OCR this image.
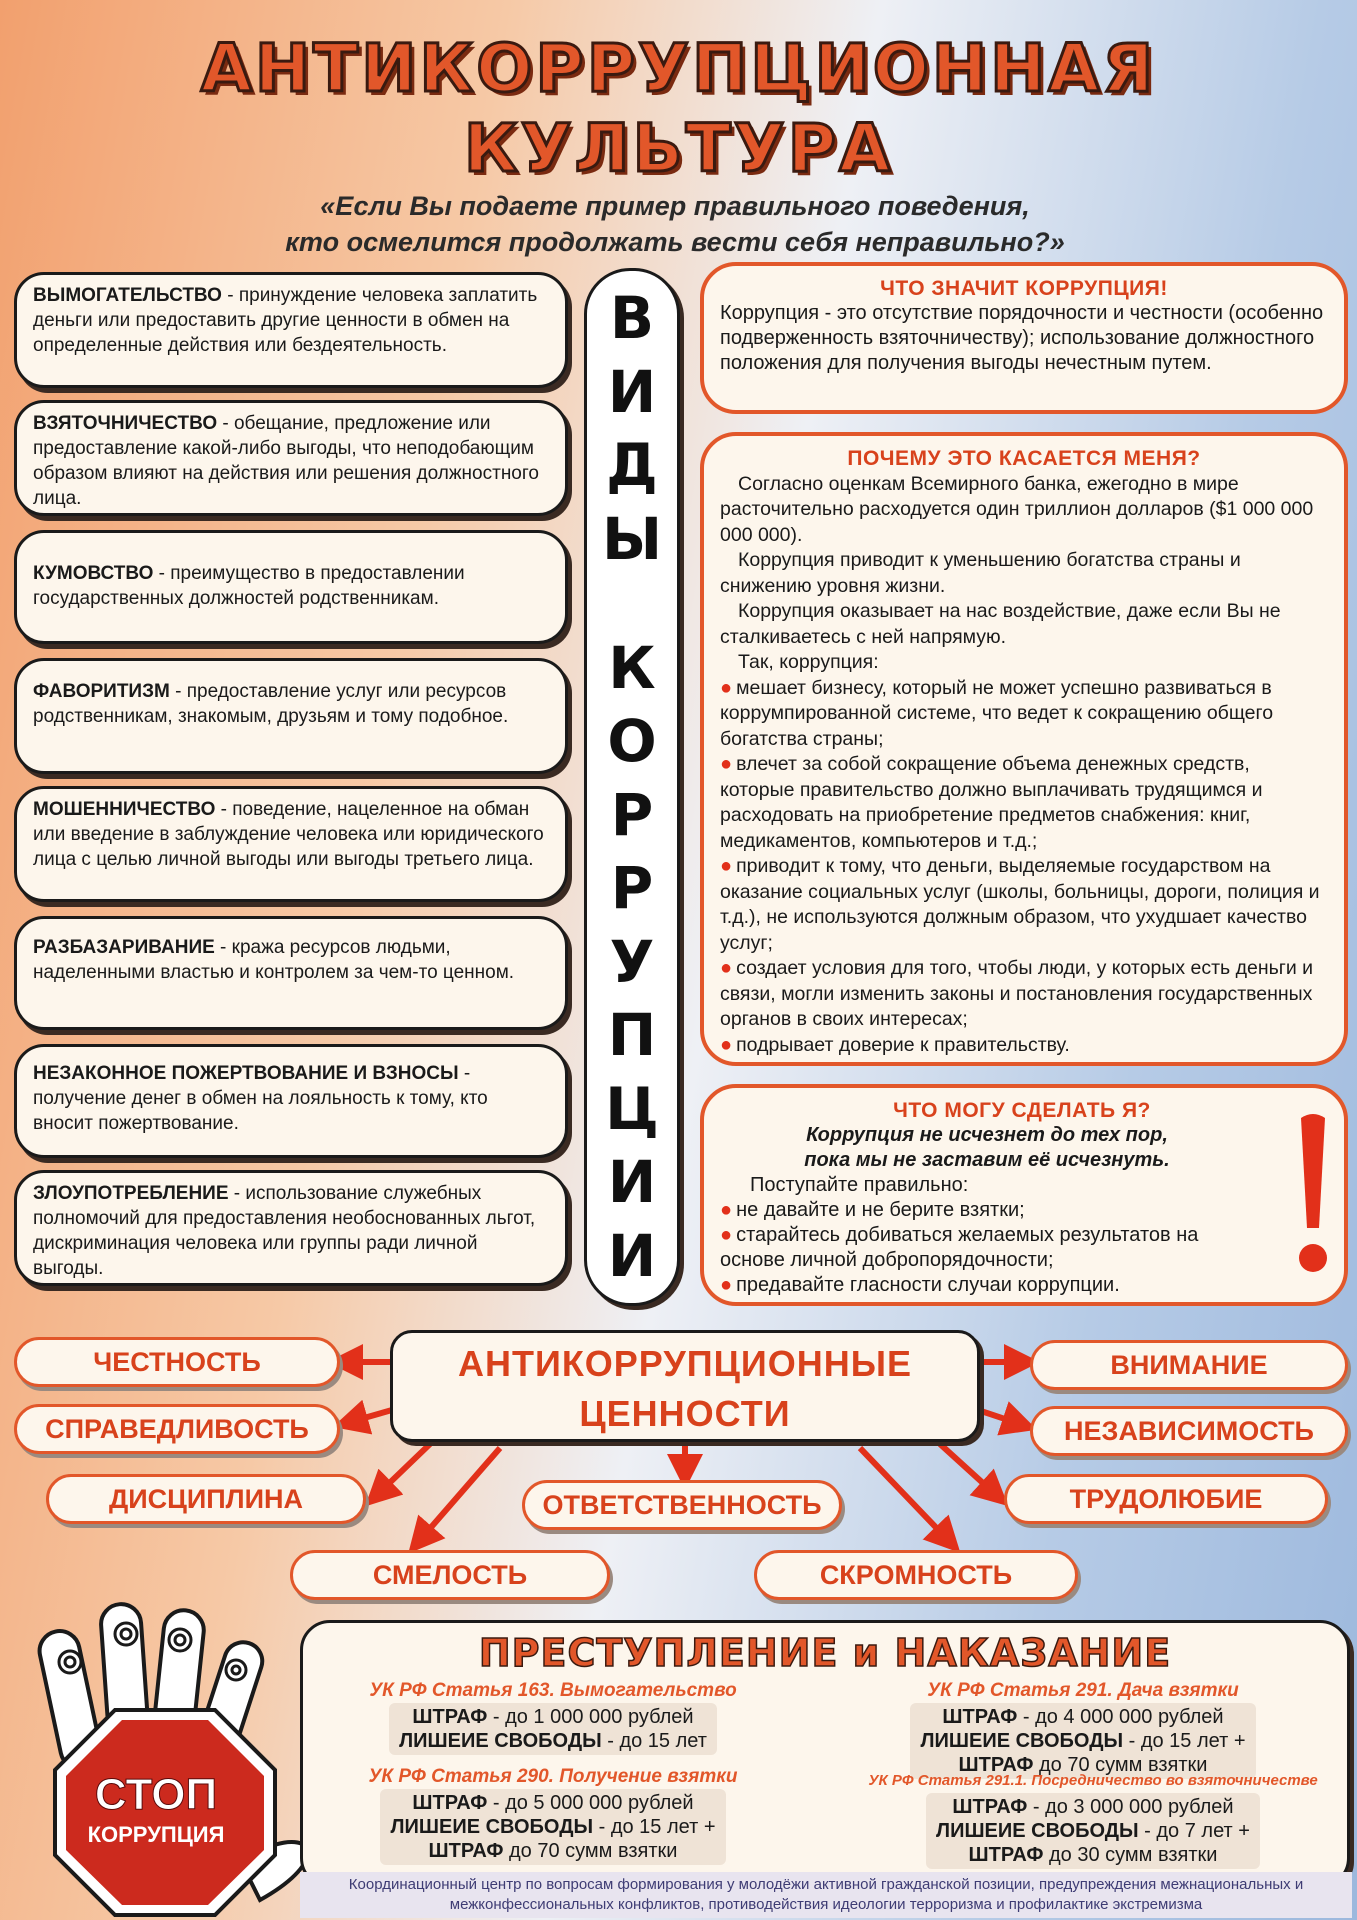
АНТИКОРРУПЦИОННАЯ
КУЛЬТУРА
«Если Вы подаете пример правильного поведения,
кто осмелится продолжать вести себя неправильно?»
ВЫМОГАТЕЛЬСТВО - принуждение человека заплатить деньги или предоставить другие ценности в обмен на определенные действия или бездеятельность.
ВЗЯТОЧНИЧЕСТВО - обещание, предложение или предоставление какой-либо выгоды, что неподобающим образом влияют на действия или решения должностного лица.
КУМОВСТВО - преимущество в предоставлении государственных должностей родственникам.
ФАВОРИТИЗМ - предоставление услуг или ресурсов родственникам, знакомым, друзьям и тому подобное.
МОШЕННИЧЕСТВО - поведение, нацеленное на обман или введение в заблуждение человека или юридического лица с целью личной выгоды или выгоды третьего лица.
РАЗБАЗАРИВАНИЕ - кража ресурсов людьми, наделенными властью и контролем за чем-то ценном.
НЕЗАКОННОЕ ПОЖЕРТВОВАНИЕ И ВЗНОСЫ - получение денег в обмен на лояльность к тому, кто вносит пожертвование.
ЗЛОУПОТРЕБЛЕНИЕ - использование служебных полномочий для предоставления необоснованных льгот, дискриминация человека или группы ради личной выгоды.
В
И
Д
Ы
К
О
Р
Р
У
П
Ц
И
И
ЧТО ЗНАЧИТ КОРРУПЦИЯ!

Коррупция - это отсутствие порядочности и честности (особенно подверженность взяточничеству); использование должностного положения для получения выгоды нечестным путем.

ПОЧЕМУ ЭТО КАСАЕТСЯ МЕНЯ?

Согласно оценкам Всемирного банка, ежегодно в мире расточительно расходуется один триллион долларов ($1 000 000 000 000).

Коррупция приводит к уменьшению богатства страны и снижению уровня жизни.

Коррупция оказывает на нас воздействие, даже если Вы не сталкиваетесь с ней напрямую.

Так, коррупция:

● мешает бизнесу, который не может успешно развиваться в коррумпированной системе, что ведет к сокращению общего богатства страны;

● влечет за собой сокращение объема денежных средств, которые правительство должно выплачивать трудящимся и расходовать на приобретение предметов снабжения: книг, медикаментов, компьютеров и т.д.;

● приводит к тому, что деньги, выделяемые государством на оказание социальных услуг (школы, больницы, дороги, полиция и т.д.), не используются должным образом, что ухудшает качество услуг;

● создает условия для того, чтобы люди, у которых есть деньги и связи, могли изменить законы и постановления государственных органов в своих интересах;

● подрывает доверие к правительству.

ЧТО МОГУ СДЕЛАТЬ Я?

Коррупция не исчезнет до тех пор,

пока мы не заставим её исчезнуть.

Поступайте правильно:

● не давайте и не берите взятки;

● старайтесь добиваться желаемых результатов на основе личной добропорядочности;

● предавайте гласности случаи коррупции.

АНТИКОРРУПЦИОННЫЕ
ЦЕННОСТИ
ЧЕСТНОСТЬ
СПРАВЕДЛИВОСТЬ
ДИСЦИПЛИНА
СМЕЛОСТЬ
ОТВЕТСТВЕННОСТЬ
СКРОМНОСТЬ
ВНИМАНИЕ
НЕЗАВИСИМОСТЬ
ТРУДОЛЮБИЕ
СТОП
КОРРУПЦИЯ
ПРЕСТУПЛЕНИЕ и НАКАЗАНИЕ
УК РФ Статья 163. Вымогательство
ШТРАФ - до 1 000 000 рублей
ЛИШЕИЕ СВОБОДЫ - до 15 лет
УК РФ Статья 290. Получение взятки
ШТРАФ - до 5 000 000 рублей
ЛИШЕИЕ СВОБОДЫ - до 15 лет +
ШТРАФ до 70 сумм взятки
УК РФ Статья 291. Дача взятки
ШТРАФ - до 4 000 000 рублей
ЛИШЕИЕ СВОБОДЫ - до 15 лет +
ШТРАФ до 70 сумм взятки
УК РФ Статья 291.1. Посредничество во взяточничестве
ШТРАФ - до 3 000 000 рублей
ЛИШЕИЕ СВОБОДЫ - до 7 лет +
ШТРАФ до 30 сумм взятки
Координационный центр по вопросам формирования у молодёжи активной гражданской позиции, предупреждения межнациональных и межконфессиональных конфликтов, противодействия идеологии терроризма и профилактике экстремизма
